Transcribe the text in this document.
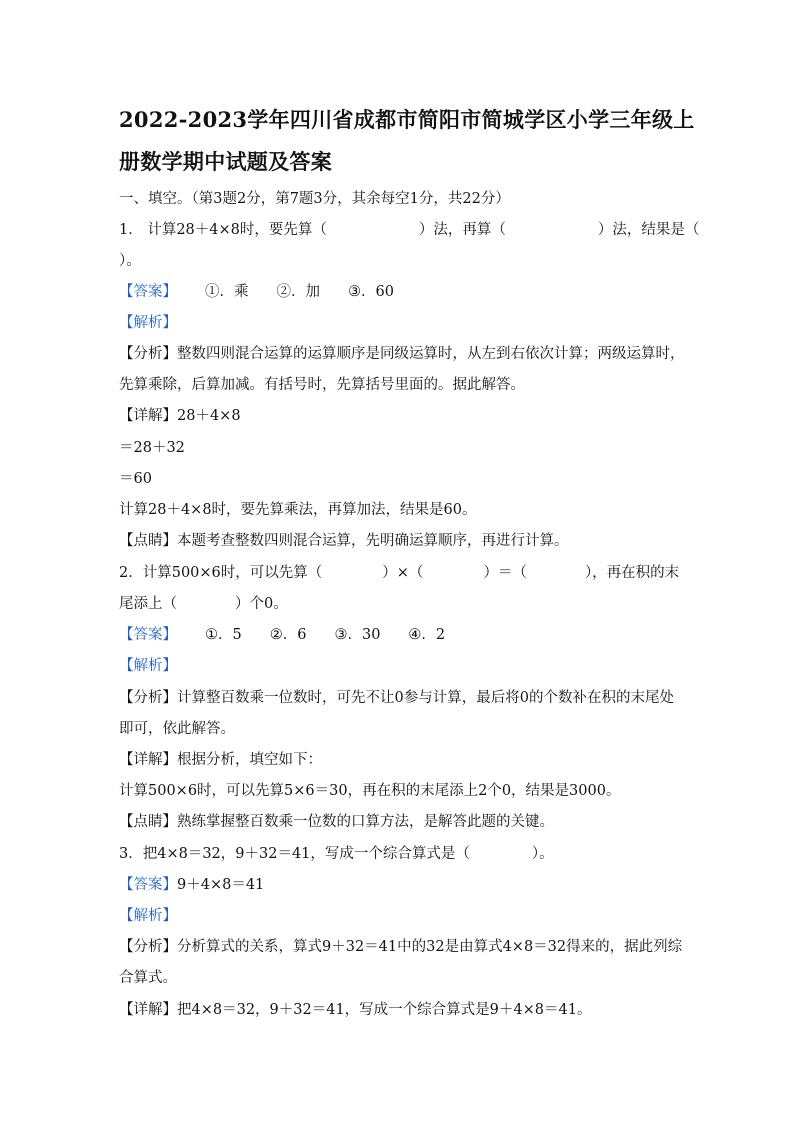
2022-2023学年四川省成都市简阳市简城学区小学三年级上
册数学期中试题及答案
一、填空。（第3题2分，第7题3分，其余每空1分，共22分）
1． 计算28＋4×8时，要先算（	）法，再算（	）法，结果是（
）。
【答案】 ①．乘 ②．加 ③．60
【解析】
【分析】整数四则混合运算的运算顺序是同级运算时，从左到右依次计算；两级运算时，
先算乘除，后算加减。有括号时，先算括号里面的。据此解答。
【详解】28＋4×8
＝28＋32
＝60
计算28＋4×8时，要先算乘法，再算加法，结果是60。
【点睛】本题考查整数四则混合运算，先明确运算顺序，再进行计算。
2．计算500×6时，可以先算（	）×（	）＝（	），再在积的末
尾添上（	）个0。
【答案】 ①．5 ②．6 ③．30 ④．2
【解析】
【分析】计算整百数乘一位数时，可先不让0参与计算，最后将0的个数补在积的末尾处
即可，依此解答。
【详解】根据分析，填空如下：
计算500×6时，可以先算5×6＝30，再在积的末尾添上2个0，结果是3000。
【点睛】熟练掌握整百数乘一位数的口算方法，是解答此题的关键。
3．把4×8＝32，9＋32＝41，写成一个综合算式是（	）。
【答案】9＋4×8＝41
【解析】
【分析】分析算式的关系，算式9＋32＝41中的32是由算式4×8＝32得来的，据此列综
合算式。
【详解】把4×8＝32，9＋32＝41，写成一个综合算式是9＋4×8＝41。
